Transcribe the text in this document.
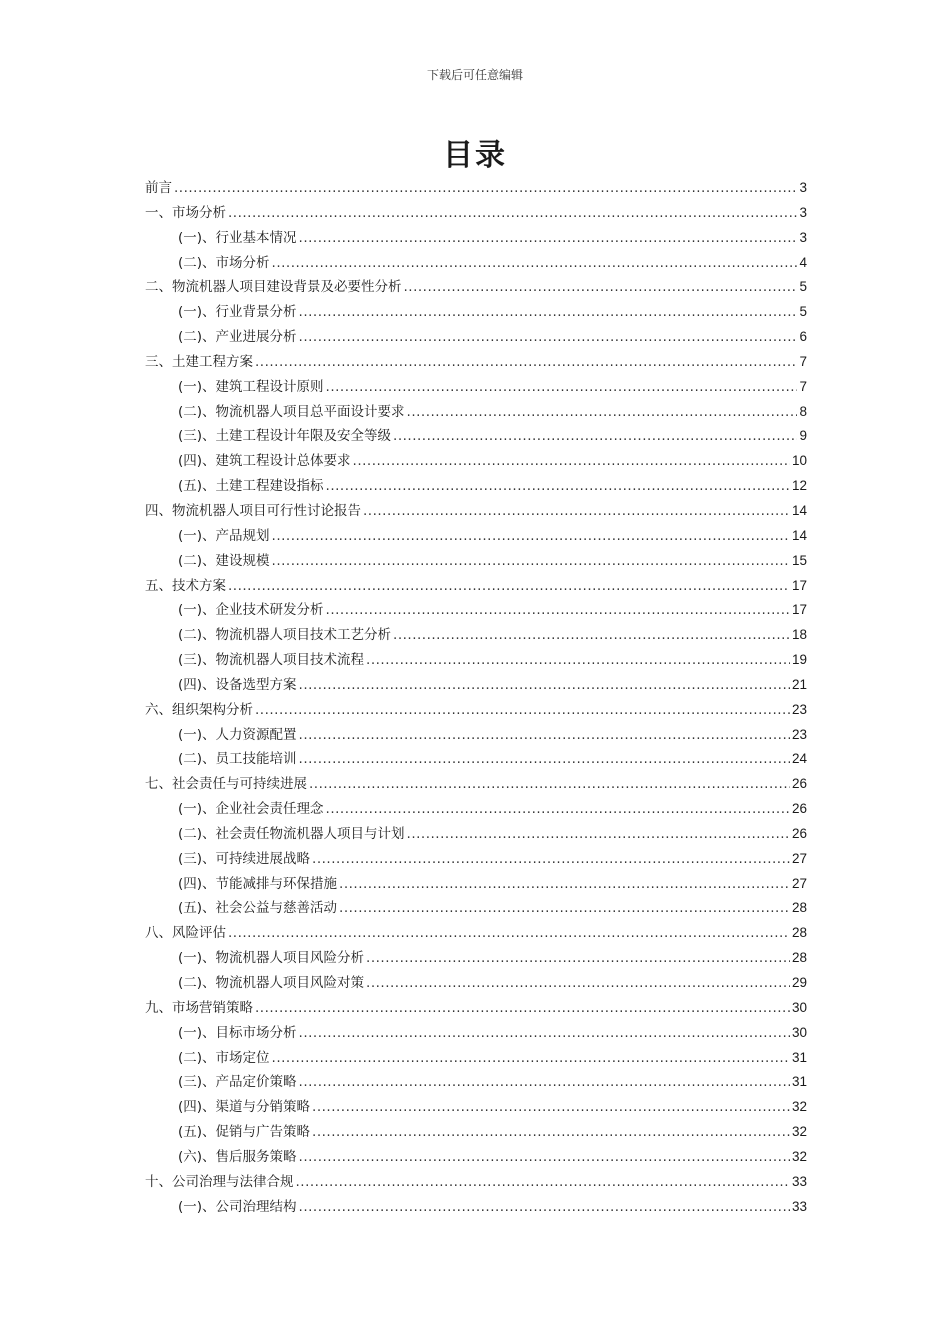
下载后可任意编辑
目录
前言 .....	3
一、市场分析 .....	3
(一)、行业基本情况 .....	3
(二)、市场分析 .....	4
二、物流机器人项目建设背景及必要性分析 .....	5
(一)、行业背景分析 .....	5
(二)、产业进展分析 .....	6
三、土建工程方案 .....	7
(一)、建筑工程设计原则 .....	7
(二)、物流机器人项目总平面设计要求 .....	8
(三)、土建工程设计年限及安全等级 .....	9
(四)、建筑工程设计总体要求 .....	10
(五)、土建工程建设指标 .....	12
四、物流机器人项目可行性讨论报告 .....	14
(一)、产品规划 .....	14
(二)、建设规模 .....	15
五、技术方案 .....	17
(一)、企业技术研发分析 .....	17
(二)、物流机器人项目技术工艺分析 .....	18
(三)、物流机器人项目技术流程 .....	19
(四)、设备选型方案 .....	21
六、组织架构分析 .....	23
(一)、人力资源配置 .....	23
(二)、员工技能培训 .....	24
七、社会责任与可持续进展 .....	26
(一)、企业社会责任理念 .....	26
(二)、社会责任物流机器人项目与计划 .....	26
(三)、可持续进展战略 .....	27
(四)、节能减排与环保措施 .....	27
(五)、社会公益与慈善活动 .....	28
八、风险评估 .....	28
(一)、物流机器人项目风险分析 .....	28
(二)、物流机器人项目风险对策 .....	29
九、市场营销策略 .....	30
(一)、目标市场分析 .....	30
(二)、市场定位 .....	31
(三)、产品定价策略 .....	31
(四)、渠道与分销策略 .....	32
(五)、促销与广告策略 .....	32
(六)、售后服务策略 .....	32
十、公司治理与法律合规 .....	33
(一)、公司治理结构 .....	33
